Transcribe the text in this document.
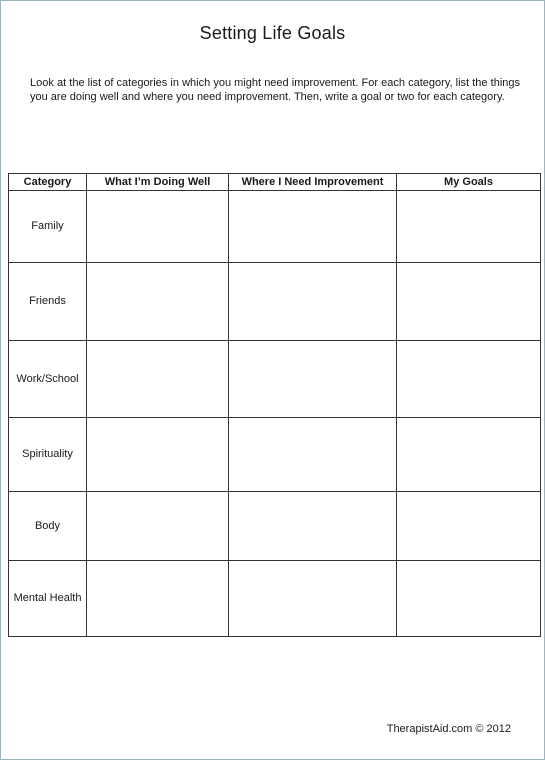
Setting Life Goals
Look at the list of categories in which you might need improvement. For each category, list the things you are doing well and where you need improvement. Then, write a goal or two for each category.
Category	What I’m Doing Well	Where I Need Improvement	My Goals
Family			
Friends			
Work/School			
Spirituality			
Body			
Mental Health			
TherapistAid.com © 2012
